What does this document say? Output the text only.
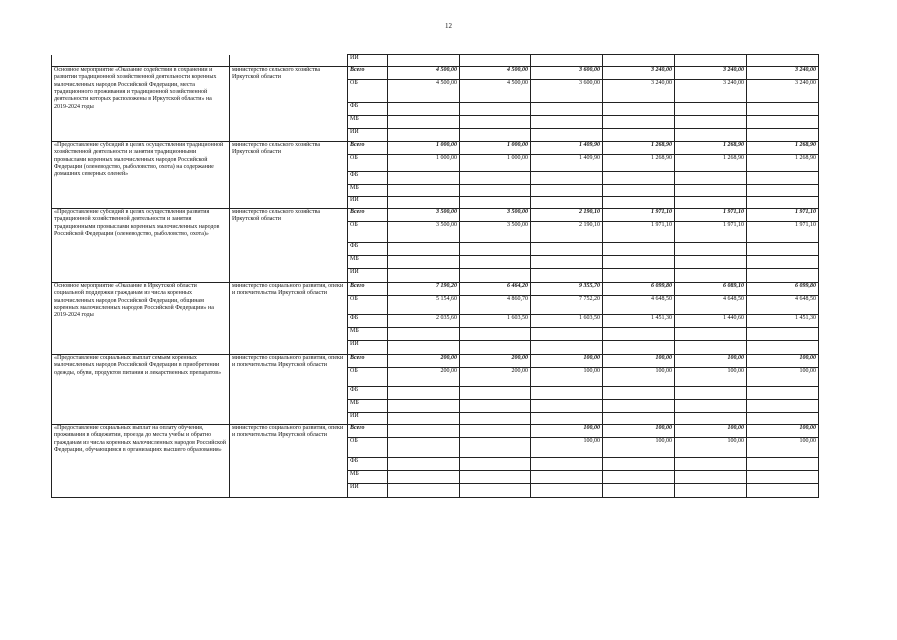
12
		ИИ						
Основное мероприятие «Оказание содействия в сохранении и развитии традиционной хозяйственной деятельности коренных малочисленных народов Российской Федерации, места традиционного проживания и традиционной хозяйственной деятельности которых расположены в Иркутской области» на 2019-2024 годы	министерство сельского хозяйства Иркутской области	Всего	4 500,00	4 500,00	3 600,00	3 240,00	3 240,00	3 240,00
		ОБ	4 500,00	4 500,00	3 600,00	3 240,00	3 240,00	3 240,00
		ФБ						
		МБ						
		ИИ						
«Предоставление субсидий в целях осуществления традиционной хозяйственной деятельности и занятия традиционными промыслами коренных малочисленных народов Российской Федерации (оленеводство, рыболовство, охота) на содержание домашних северных оленей»	министерство сельского хозяйства Иркутской области	Всего	1 000,00	1 000,00	1 409,90	1 268,90	1 268,90	1 268,90
		ОБ	1 000,00	1 000,00	1 409,90	1 268,90	1 268,90	1 268,90
		ФБ						
		МБ						
		ИИ						
«Предоставление субсидий в целях осуществления развития традиционной хозяйственной деятельности и занятия традиционными промыслами коренных малочисленных народов Российской Федерации (оленеводство, рыболовство, охота)»	министерство сельского хозяйства Иркутской области	Всего	3 500,00	3 500,00	2 190,10	1 971,10	1 971,10	1 971,10
		ОБ	3 500,00	3 500,00	2 190,10	1 971,10	1 971,10	1 971,10
		ФБ						
		МБ						
		ИИ						
Основное мероприятие «Оказание в Иркутской области социальной поддержки гражданам из числа коренных малочисленных народов Российской Федерации, общинам коренных малочисленных народов Российской Федерации» на 2019-2024 годы	министерство социального развития, опеки и попечительства Иркутской области	Всего	7 190,20	6 464,20	9 355,70	6 099,80	6 089,10	6 099,80
		ОБ	5 154,60	4 860,70	7 752,20	4 648,50	4 648,50	4 648,50
		ФБ	2 035,60	1 603,50	1 603,50	1 451,30	1 440,60	1 451,30
		МБ						
		ИИ						
«Предоставление социальных выплат семьям коренных малочисленных народов Российской Федерации в приобретении одежды, обуви, продуктов питания и лекарственных препаратов»	министерство социального развития, опеки и попечительства Иркутской области	Всего	200,00	200,00	100,00	100,00	100,00	100,00
		ОБ	200,00	200,00	100,00	100,00	100,00	100,00
		ФБ						
		МБ						
		ИИ						
«Предоставление социальных выплат на оплату обучения, проживания в общежитии, проезда до места учебы и обратно гражданам из числа коренных малочисленных народов Российской Федерации, обучающимся в организациях высшего образования»	министерство социального развития, опеки и попечительства Иркутской области	Всего			100,00	100,00	100,00	100,00
		ОБ			100,00	100,00	100,00	100,00
		ФБ						
		МБ						
		ИИ						
